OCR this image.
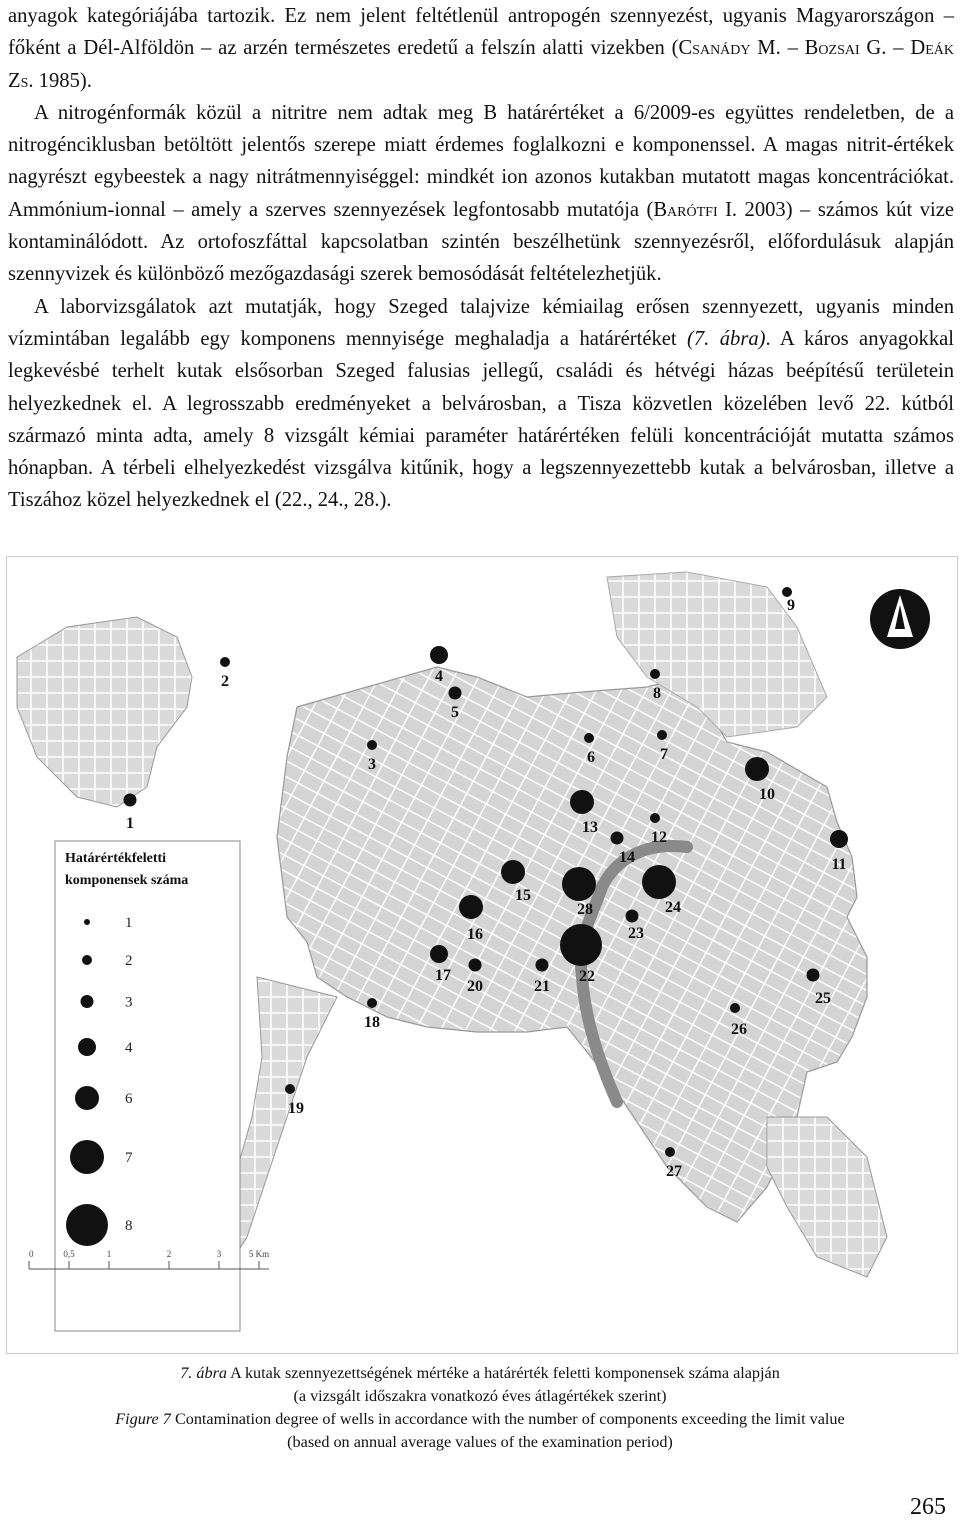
anyagok kategóriájába tartozik. Ez nem jelent feltétlenül antropogén szennyezést, ugyanis Magyarországon – főként a Dél-Alföldön – az arzén természetes eredetű a felszín alatti vizekben (Csanády M. – Bozsai G. – Deák Zs. 1985).

A nitrogénformák közül a nitritre nem adtak meg B határértéket a 6/2009-es együttes rendeletben, de a nitrogénciklusban betöltött jelentős szerepe miatt érdemes foglalkozni e komponenssel. A magas nitrit-értékek nagyrészt egybeestek a nagy nitrátmennyiséggel: mindkét ion azonos kutakban mutatott magas koncentrációkat. Ammónium-ionnal – amely a szerves szennyezések legfontosabb mutatója (Barótfi I. 2003) – számos kút vize kontaminálódott. Az ortofoszfáttal kapcsolatban szintén beszélhetünk szennyezésről, előfordulásuk alapján szennyvizek és különböző mezőgazdasági szerek bemosódását feltételezhetjük.

A laborvizsgálatok azt mutatják, hogy Szeged talajvize kémiailag erősen szennyezett, ugyanis minden vízmintában legalább egy komponens mennyisége meghaladja a határértéket (7. ábra). A káros anyagokkal legkevésbé terhelt kutak elsősorban Szeged falusias jellegű, családi és hétvégi házas beépítésű területein helyezkednek el. A legrosszabb eredményeket a belvárosban, a Tisza közvetlen közelében levő 22. kútból származó minta adta, amely 8 vizsgált kémiai paraméter határértéken felüli koncentrációját mutatta számos hónapban. A térbeli elhelyezkedést vizsgálva kitűnik, hogy a legszennyezettebb kutak a belvárosban, illetve a Tiszához közel helyezkednek el (22., 24., 28.).

Határértékfeletti
komponensek száma
1
2
3
4
6
7
8
1
2
3
4
5
6	7
8
9
10
11
12
13
14
15
16
17
18
19
20	21
22
23
24
25
26
27
28
0	0,5	1	2	3	5 Km

7. ábra A kutak szennyezettségének mértéke a határérték feletti komponensek száma alapján

(a vizsgált időszakra vonatkozó éves átlagértékek szerint)

Figure 7 Contamination degree of wells in accordance with the number of components exceeding the limit value

(based on annual average values of the examination period)

265
